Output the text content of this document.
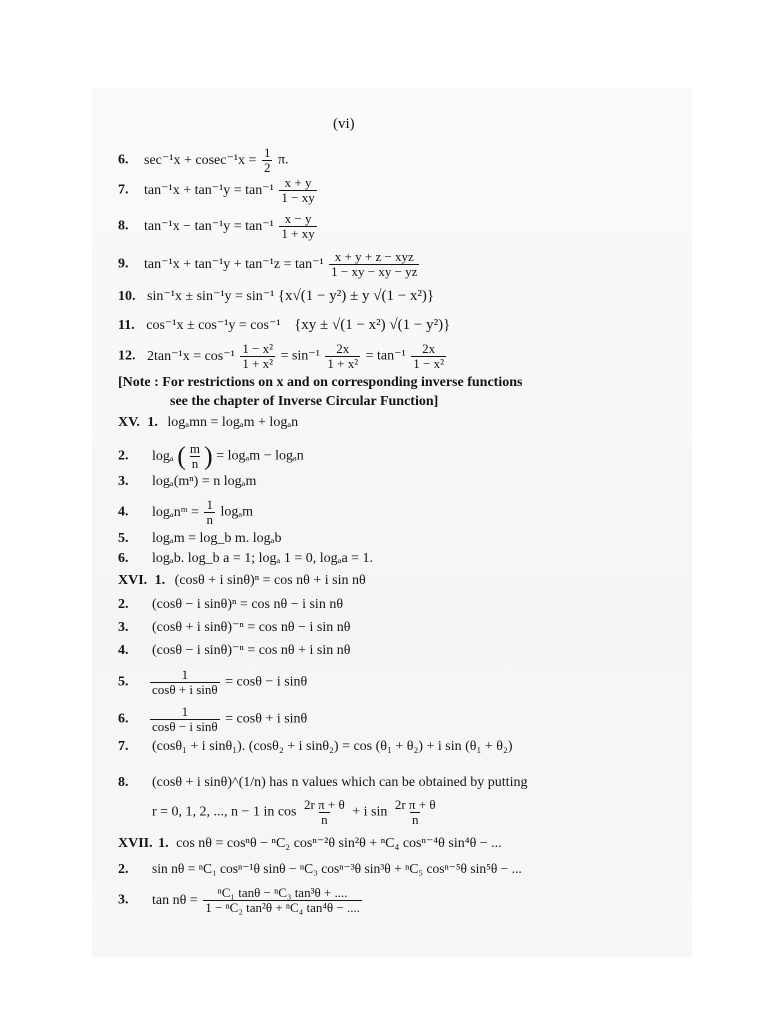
(vi)
6. $\sec^{-1}x + cosec^{-1}x = \frac{1}{2} \pi$.
7. $\tan^{-1}x + \tan^{-1}y = \tan^{-1} \frac{x + y}{1 - xy}$
8. $\tan^{-1}x - \tan^{-1}y = \tan^{-1} \frac{x - y}{1 + xy}$
9. $\tan^{-1}x + \tan^{-1}y + \tan^{-1}z = \tan^{-1} \frac{\text{x + y + z − xyz}}{1 - xy - xy - yz}$
10. sin⁻¹x ± sin⁻¹y = sin⁻¹ {x√(1 − y²) ± y √(1 − x²)}
11. cos⁻¹x ± cos⁻¹y = cos⁻¹ {xy ± √(1 − x²) √(1 − y²)}
12. $2\tan^{-1}x = \cos^{-1} \frac{\text{1 − x²}}{\text{1 + x²}} = \sin^{-1} \frac{2x}{\text{1 + x²}} = \tan^{-1} \frac{2x}{\text{1 − x²}}$
[Note : For restrictions on x and on corresponding inverse functions
see the chapter of Inverse Circular Function]
XV. 1. logₐmn = logₐm + logₐn
2. logₐ ( $\frac{m}{n}$ ) = logₐm − logₐn
3. logₐ(mⁿ) = n logₐm
4. logₐnᵐ = $\frac{1}{n}$ logₐm
5. logₐm = log_b m. logₐb
6. logₐb. log_b a = 1; logₐ 1 = 0, logₐa = 1.
XVI. 1. (cosθ + i sinθ)ⁿ = cos nθ + i sin nθ
2. (cosθ − i sinθ)ⁿ = cos nθ − i sin nθ
3. (cosθ + i sinθ)⁻ⁿ = cos nθ − i sin nθ
4. (cosθ − i sinθ)⁻ⁿ = cos nθ + i sin nθ
5. $\frac{1}{\text{cosθ + i sinθ}} = \cos\theta - i$ sinθ
6. $\frac{1}{\text{cosθ − i sinθ}} = \cos\theta + i$ sinθ
7. (cosθ₁ + i sinθ₁). (cosθ₂ + i sinθ₂) = cos (θ₁ + θ₂) + i sin (θ₁ + θ₂)
8. (cosθ + i sinθ)^(1/n) has n values which can be obtained by putting
r = 0, 1, 2, ..., n − 1 in $\cos \frac{\text{2r π + θ}}{n} + i$ $\sin \frac{\text{2r π + θ}}{n}$
XVII. 1. cos nθ = cosⁿθ − ⁿC₂ cosⁿ⁻²θ sin²θ + ⁿC₄ cosⁿ⁻⁴θ sin⁴θ − ...
2. sin nθ = ⁿC₁ cosⁿ⁻¹θ sinθ − ⁿC₃ cosⁿ⁻³θ sin³θ + ⁿC₅ cosⁿ⁻⁵θ sin⁵θ − ...
3. $\tan n\theta = \frac{\text{ⁿC₁ tanθ − ⁿC₃ tan³θ + ....}}{\text{1 − ⁿC₂ tan²θ + ⁿC₄ tan⁴θ − ....}}$
